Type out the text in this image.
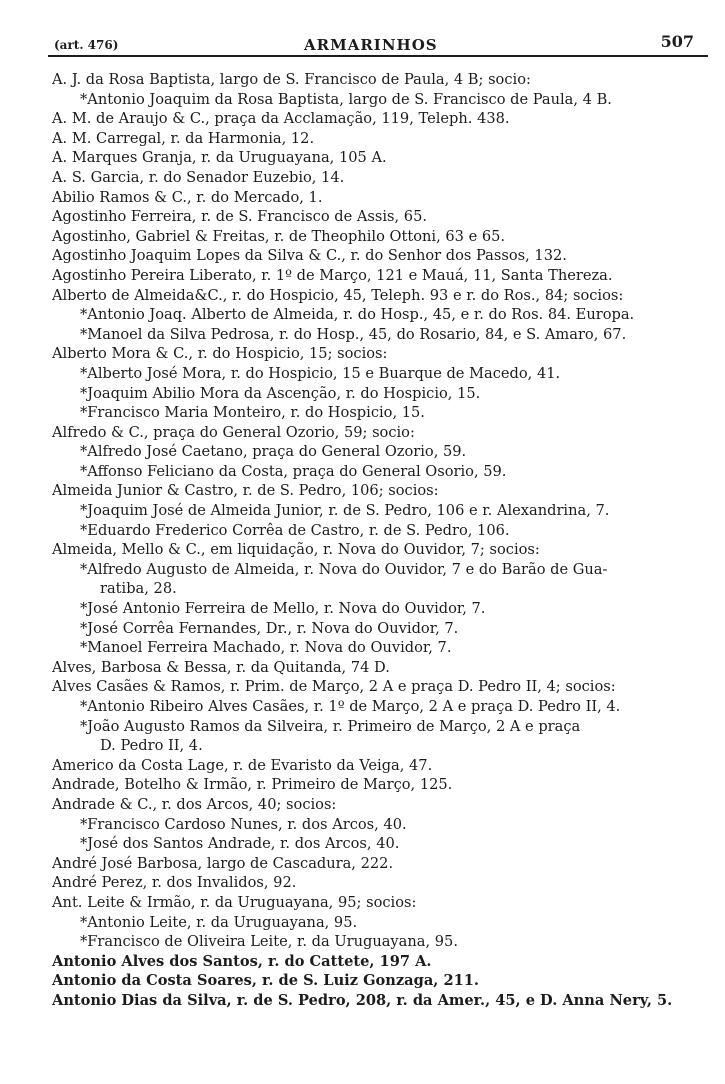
(art. 476)	ARMARINHOS	507
A. J. da Rosa Baptista, largo de S. Francisco de Paula, 4 B; socio:
*Antonio Joaquim da Rosa Baptista, largo de S. Francisco de Paula, 4 B.
A. M. de Araujo & C., praça da Acclamação, 119, Teleph. 438.
A. M. Carregal, r. da Harmonia, 12.
A. Marques Granja, r. da Uruguayana, 105 A.
A. S. Garcia, r. do Senador Euzebio, 14.
Abilio Ramos & C., r. do Mercado, 1.
Agostinho Ferreira, r. de S. Francisco de Assis, 65.
Agostinho, Gabriel & Freitas, r. de Theophilo Ottoni, 63 e 65.
Agostinho Joaquim Lopes da Silva & C., r. do Senhor dos Passos, 132.
Agostinho Pereira Liberato, r. 1º de Março, 121 e Mauá, 11, Santa Thereza.
Alberto de Almeida&C., r. do Hospicio, 45, Teleph. 93 e r. do Ros., 84; socios:
*Antonio Joaq. Alberto de Almeida, r. do Hosp., 45, e r. do Ros. 84. Europa.
*Manoel da Silva Pedrosa, r. do Hosp., 45, do Rosario, 84, e S. Amaro, 67.
Alberto Mora & C., r. do Hospicio, 15; socios:
*Alberto José Mora, r. do Hospicio, 15 e Buarque de Macedo, 41.
*Joaquim Abilio Mora da Ascenção, r. do Hospicio, 15.
*Francisco Maria Monteiro, r. do Hospicio, 15.
Alfredo & C., praça do General Ozorio, 59; socio:
*Alfredo José Caetano, praça do General Ozorio, 59.
*Affonso Feliciano da Costa, praça do General Osorio, 59.
Almeida Junior & Castro, r. de S. Pedro, 106; socios:
*Joaquim José de Almeida Junior, r. de S. Pedro, 106 e r. Alexandrina, 7.
*Eduardo Frederico Corrêa de Castro, r. de S. Pedro, 106.
Almeida, Mello & C., em liquidação, r. Nova do Ouvidor, 7; socios:
*Alfredo Augusto de Almeida, r. Nova do Ouvidor, 7 e do Barão de Gua-
ratiba, 28.
*José Antonio Ferreira de Mello, r. Nova do Ouvidor, 7.
*José Corrêa Fernandes, Dr., r. Nova do Ouvidor, 7.
*Manoel Ferreira Machado, r. Nova do Ouvidor, 7.
Alves, Barbosa & Bessa, r. da Quitanda, 74 D.
Alves Casães & Ramos, r. Prim. de Março, 2 A e praça D. Pedro II, 4; socios:
*Antonio Ribeiro Alves Casães, r. 1º de Março, 2 A e praça D. Pedro II, 4.
*João Augusto Ramos da Silveira, r. Primeiro de Março, 2 A e praça
D. Pedro II, 4.
Americo da Costa Lage, r. de Evaristo da Veiga, 47.
Andrade, Botelho & Irmão, r. Primeiro de Março, 125.
Andrade & C., r. dos Arcos, 40; socios:
*Francisco Cardoso Nunes, r. dos Arcos, 40.
*José dos Santos Andrade, r. dos Arcos, 40.
André José Barbosa, largo de Cascadura, 222.
André Perez, r. dos Invalidos, 92.
Ant. Leite & Irmão, r. da Uruguayana, 95; socios:
*Antonio Leite, r. da Uruguayana, 95.
*Francisco de Oliveira Leite, r. da Uruguayana, 95.
Antonio Alves dos Santos, r. do Cattete, 197 A.
Antonio da Costa Soares, r. de S. Luiz Gonzaga, 211.
Antonio Dias da Silva, r. de S. Pedro, 208, r. da Amer., 45, e D. Anna Nery, 5.
